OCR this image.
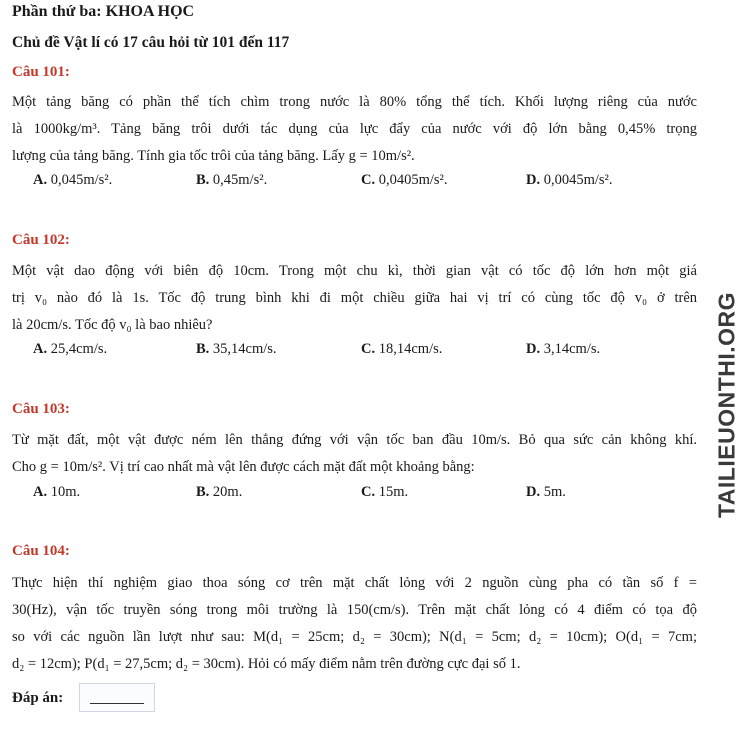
Phần thứ ba: KHOA HỌC
Chủ đề Vật lí có 17 câu hỏi từ 101 đến 117
Câu 101:
Một tảng băng có phần thể tích chìm trong nước là 80% tổng thể tích. Khối lượng riêng của nước
là 1000kg/m³. Tảng băng trôi dưới tác dụng của lực đẩy của nước với độ lớn bằng 0,45% trọng
lượng của tảng băng. Tính gia tốc trôi của tảng băng. Lấy g = 10m/s².
A. 0,045m/s².	B. 0,45m/s².	C. 0,0405m/s².	D. 0,0045m/s².
Câu 102:
Một vật dao động với biên độ 10cm. Trong một chu kì, thời gian vật có tốc độ lớn hơn một giá
trị v₀ nào đó là 1s. Tốc độ trung bình khi đi một chiều giữa hai vị trí có cùng tốc độ v₀ ở trên
là 20cm/s. Tốc độ v₀ là bao nhiêu?
A. 25,4cm/s.	B. 35,14cm/s.	C. 18,14cm/s.	D. 3,14cm/s.
Câu 103:
Từ mặt đất, một vật được ném lên thẳng đứng với vận tốc ban đầu 10m/s. Bỏ qua sức cản không khí.
Cho g = 10m/s². Vị trí cao nhất mà vật lên được cách mặt đất một khoảng bằng:
A. 10m.	B. 20m.	C. 15m.	D. 5m.
Câu 104:
Thực hiện thí nghiệm giao thoa sóng cơ trên mặt chất lỏng với 2 nguồn cùng pha có tần số f =
30(Hz), vận tốc truyền sóng trong môi trường là 150(cm/s). Trên mặt chất lỏng có 4 điểm có tọa độ
so với các nguồn lần lượt như sau: M(d₁ = 25cm; d₂ = 30cm); N(d₁ = 5cm; d₂ = 10cm); O(d₁ = 7cm;
d₂ = 12cm); P(d₁ = 27,5cm; d₂ = 30cm). Hỏi có mấy điểm nằm trên đường cực đại số 1.
Đáp án:
TAILIEUONTHI.ORG
